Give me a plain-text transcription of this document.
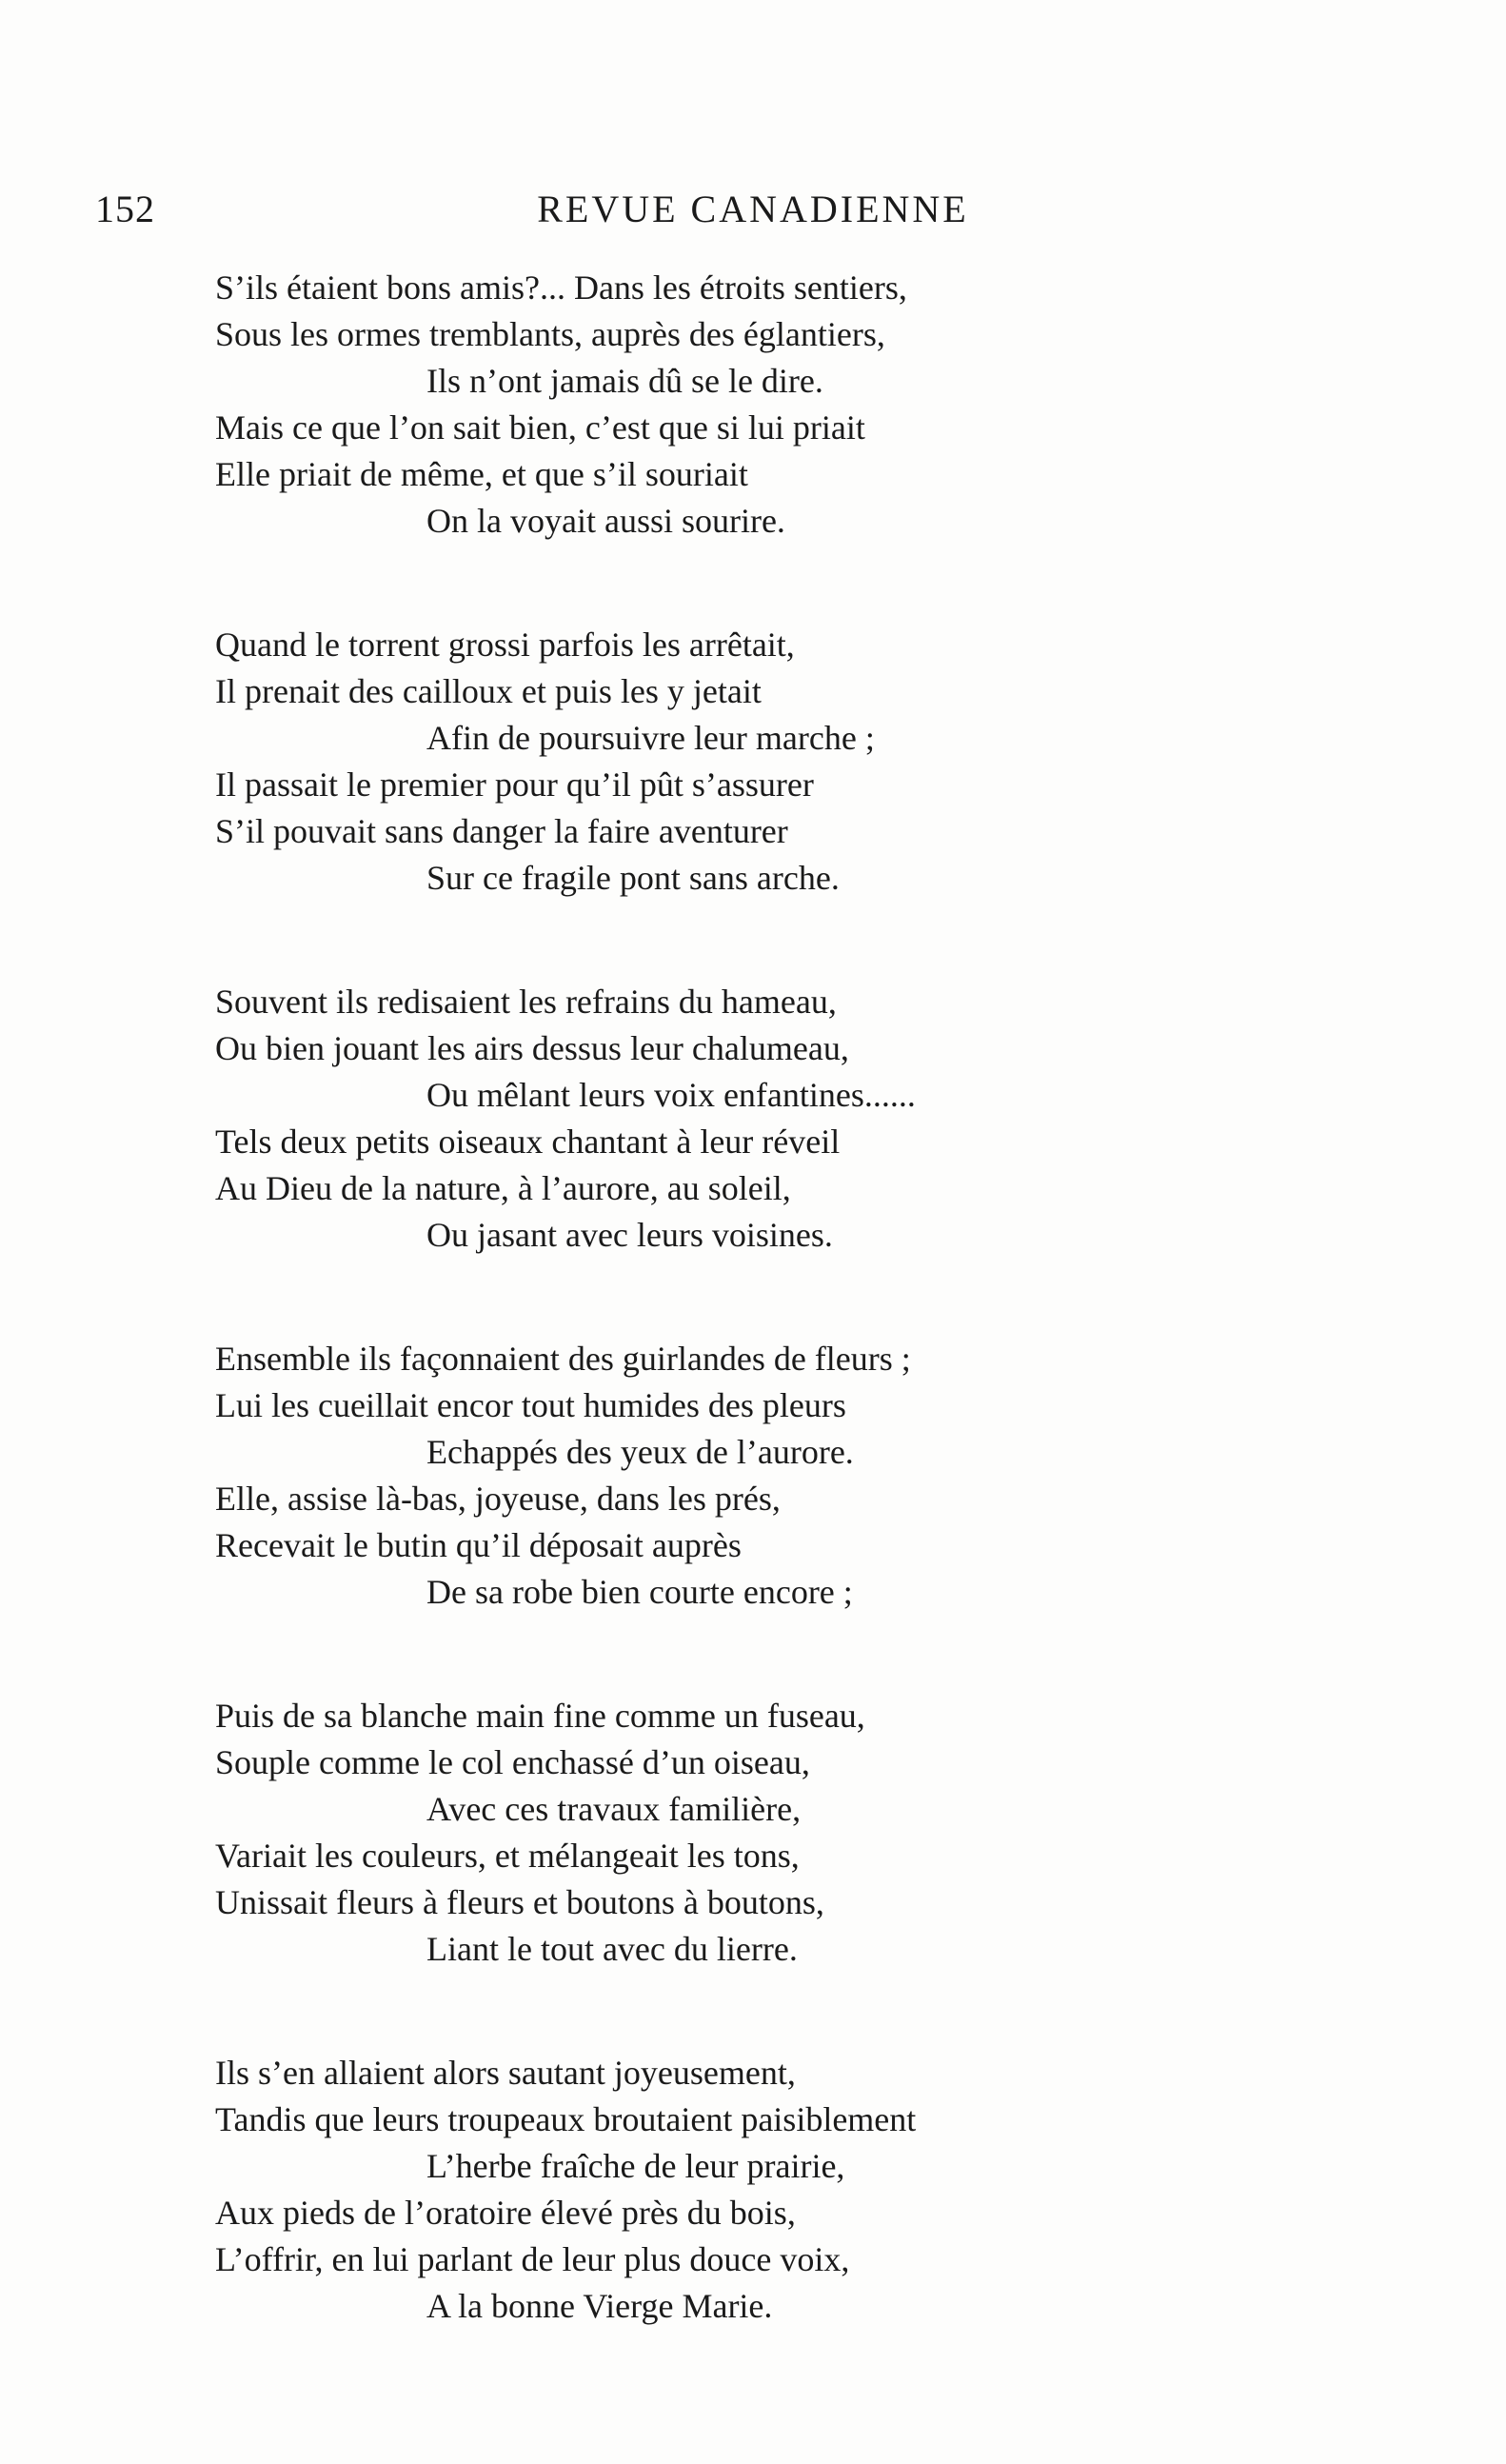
152	REVUE CANADIENNE
S’ils étaient bons amis?... Dans les étroits sentiers,
Sous les ormes tremblants, auprès des églantiers,
Ils n’ont jamais dû se le dire.
Mais ce que l’on sait bien, c’est que si lui priait
Elle priait de même, et que s’il souriait
On la voyait aussi sourire.
Quand le torrent grossi parfois les arrêtait,
Il prenait des cailloux et puis les y jetait
Afin de poursuivre leur marche ;
Il passait le premier pour qu’il pût s’assurer
S’il pouvait sans danger la faire aventurer
Sur ce fragile pont sans arche.
Souvent ils redisaient les refrains du hameau,
Ou bien jouant les airs dessus leur chalumeau,
Ou mêlant leurs voix enfantines......
Tels deux petits oiseaux chantant à leur réveil
Au Dieu de la nature, à l’aurore, au soleil,
Ou jasant avec leurs voisines.
Ensemble ils façonnaient des guirlandes de fleurs ;
Lui les cueillait encor tout humides des pleurs
Echappés des yeux de l’aurore.
Elle, assise là-bas, joyeuse, dans les prés,
Recevait le butin qu’il déposait auprès
De sa robe bien courte encore ;
Puis de sa blanche main fine comme un fuseau,
Souple comme le col enchassé d’un oiseau,
Avec ces travaux familière,
Variait les couleurs, et mélangeait les tons,
Unissait fleurs à fleurs et boutons à boutons,
Liant le tout avec du lierre.
Ils s’en allaient alors sautant joyeusement,
Tandis que leurs troupeaux broutaient paisiblement
L’herbe fraîche de leur prairie,
Aux pieds de l’oratoire élevé près du bois,
L’offrir, en lui parlant de leur plus douce voix,
A la bonne Vierge Marie.
